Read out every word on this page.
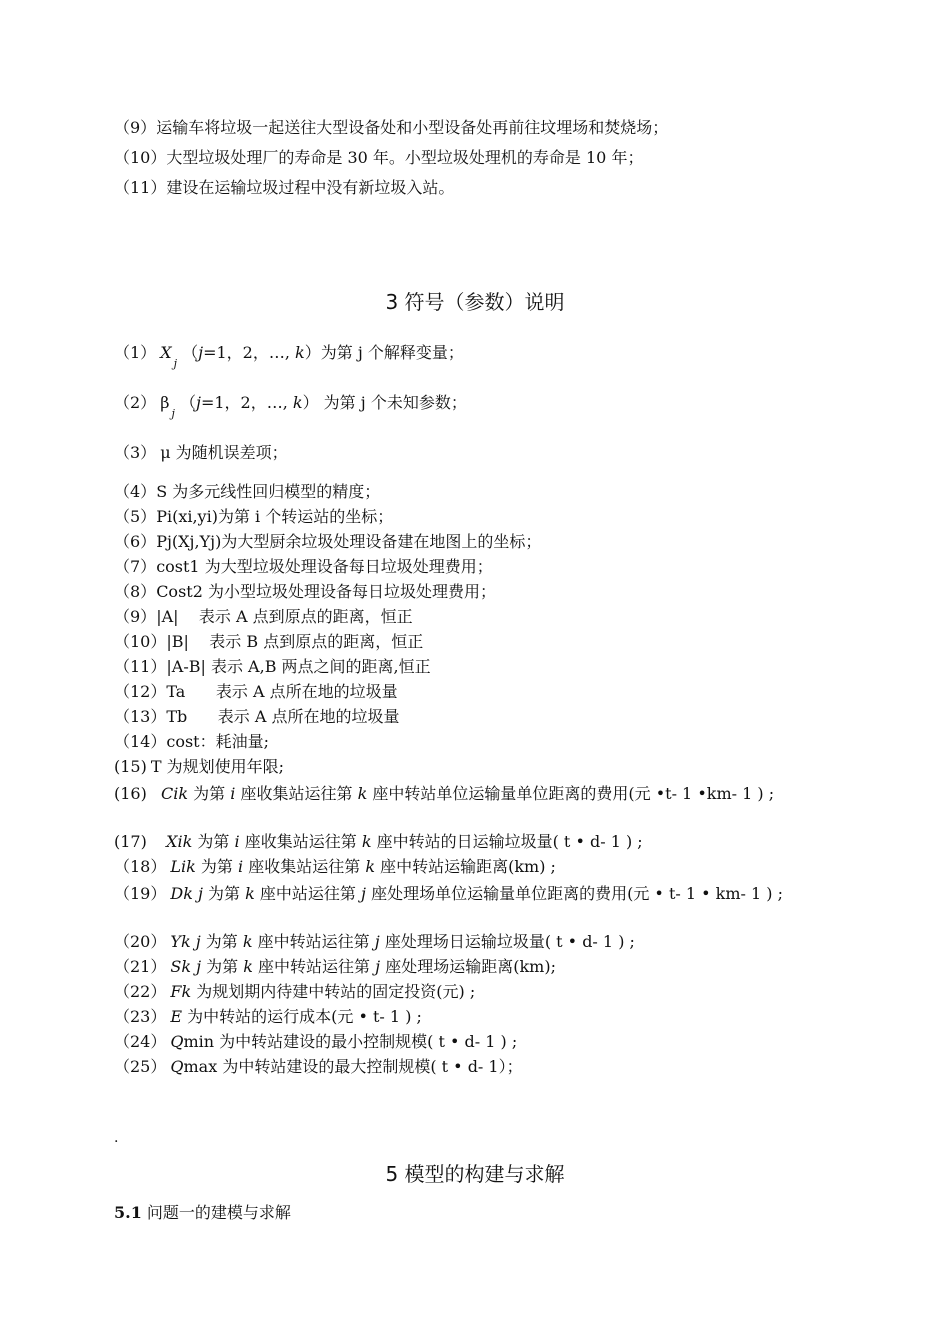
（9）运输车将垃圾一起送往大型设备处和小型设备处再前往坟埋场和焚烧场；
（10）大型垃圾处理厂的寿命是 30 年。小型垃圾处理机的寿命是 10 年；
（11）建设在运输垃圾过程中没有新垃圾入站。
3 符号（参数）说明
（1） $X_j$ （j=1，2，…, k）为第 j 个解释变量；
（2） $\beta_j$ （j=1，2，…, k） 为第 j 个未知参数；
（3） μ 为随机误差项；
（4）S 为多元线性回归模型的精度；
（5）Pi(xi,yi)为第 i 个转运站的坐标；
（6）Pj(Xj,Yj)为大型厨余垃圾处理设备建在地图上的坐标；
（7）cost1 为大型垃圾处理设备每日垃圾处理费用；
（8）Cost2 为小型垃圾处理设备每日垃圾处理费用；
（9）|A|    表示 A 点到原点的距离，恒正
（10）|B|    表示 B 点到原点的距离，恒正
（11）|A-B| 表示 A,B 两点之间的距离,恒正
（12）Ta      表示 A 点所在地的垃圾量
（13）Tb      表示 A 点所在地的垃圾量
（14）cost：耗油量;
(15) T 为规划使用年限;
(16) Cik 为第 i 座收集站运往第 k 座中转站单位运输量单位距离的费用(元 •t- 1 •km- 1 ) ;
(17) Xik 为第 i 座收集站运往第 k 座中转站的日运输垃圾量( t • d- 1 ) ;
（18） Lik 为第 i 座收集站运往第 k 座中转站运输距离(km) ;
（19） Dk j 为第 k 座中站运往第 j 座处理场单位运输量单位距离的费用(元 • t- 1 • km- 1 ) ;
（20） Yk j 为第 k 座中转站运往第 j 座处理场日运输垃圾量( t • d- 1 ) ;
（21） Sk j 为第 k 座中转站运往第 j 座处理场运输距离(km);
（22） Fk 为规划期内待建中转站的固定投资(元) ;
（23） E 为中转站的运行成本(元 • t- 1 ) ;
（24） Qmin 为中转站建设的最小控制规模( t • d- 1 ) ;
（25） Qmax 为中转站建设的最大控制规模( t • d- 1）；
.
5 模型的构建与求解
5.1 问题一的建模与求解
